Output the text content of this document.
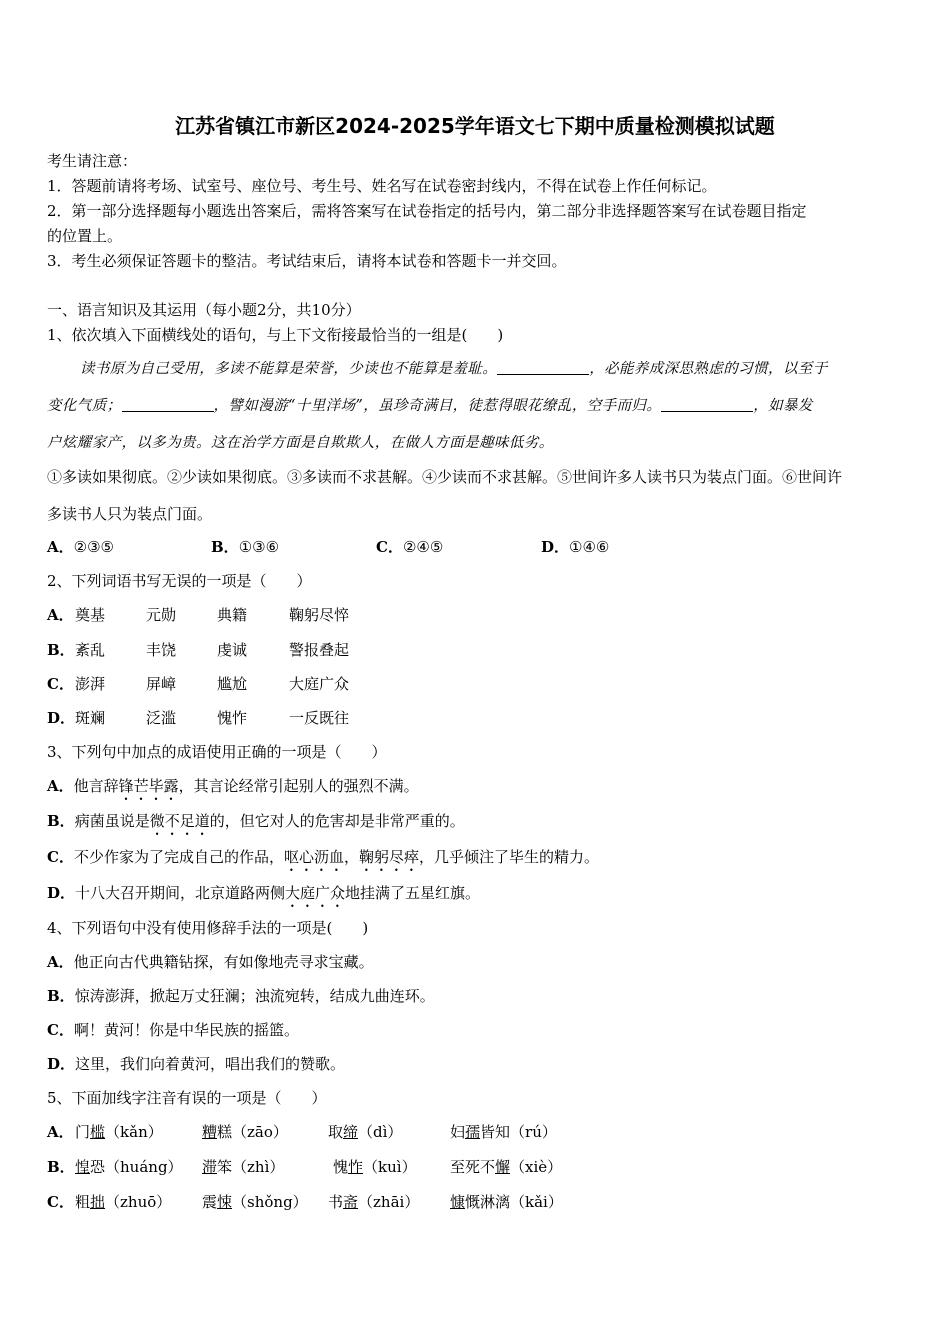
江苏省镇江市新区2024-2025学年语文七下期中质量检测模拟试题
考生请注意：
1．答题前请将考场、试室号、座位号、考生号、姓名写在试卷密封线内，不得在试卷上作任何标记。
2．第一部分选择题每小题选出答案后，需将答案写在试卷指定的括号内，第二部分非选择题答案写在试卷题目指定
的位置上。
3．考生必须保证答题卡的整洁。考试结束后，请将本试卷和答题卡一并交回。
一、语言知识及其运用（每小题2分，共10分）
1、依次填入下面横线处的语句，与上下文衔接最恰当的一组是(　　)
读书原为自己受用，多读不能算是荣誉，少读也不能算是羞耻。	，必能养成深思熟虑的习惯，以至于
变化气质；	，譬如漫游“十里洋场”，虽珍奇满目，徒惹得眼花缭乱，空手而归。	，如暴发
户炫耀家产，以多为贵。这在治学方面是自欺欺人，在做人方面是趣味低劣。
①多读如果彻底。②少读如果彻底。③多读而不求甚解。④少读而不求甚解。⑤世间许多人读书只为装点门面。⑥世间许
多读书人只为装点门面。
A．②③⑤	B．①③⑥	C．②④⑤	D．①④⑥
2、下列词语书写无误的一项是（　　）
A． 奠基	元勋	典籍	鞠躬尽悴
B． 紊乱	丰饶	虔诚	警报叠起
C． 澎湃	屏嶂	尴尬	大庭广众
D． 斑斓	泛滥	愧怍	一反既往
3、下列句中加点的成语使用正确的一项是（　　）
A．他言辞锋芒毕露，其言论经常引起别人的强烈不满。
B．病菌虽说是微不足道的，但它对人的危害却是非常严重的。
C．不少作家为了完成自己的作品，呕心沥血，鞠躬尽瘁，几乎倾注了毕生的精力。
D．十八大召开期间，北京道路两侧大庭广众地挂满了五星红旗。
4、下列语句中没有使用修辞手法的一项是(　　)
A．他正向古代典籍钻探，有如像地壳寻求宝藏。
B．惊涛澎湃，掀起万丈狂澜；浊流宛转，结成九曲连环。
C．啊！黄河！你是中华民族的摇篮。
D．这里，我们向着黄河，唱出我们的赞歌。
5、下面加线字注音有误的一项是（　　）
A． 门槛（kǎn）	糟糕（zāo）	取缔（dì）	妇孺皆知（rú）
B． 惶恐（huáng） 滞笨（zhì）	愧怍（kuì） 至死不懈（xiè）
C． 粗拙（zhuō） 震悚（shǒng） 书斋（zhāi） 慷慨淋漓（kǎi）
